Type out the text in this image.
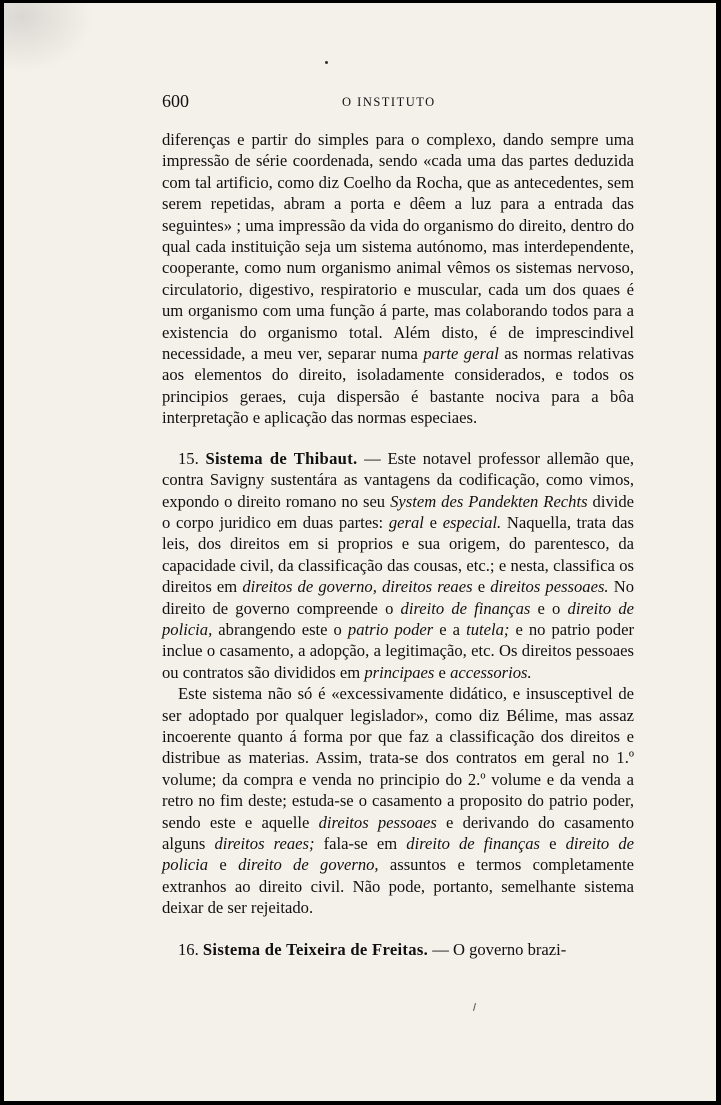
600	O INSTITUTO

diferenças e partir do simples para o complexo, dando sempre uma impressão de série coordenada, sendo «cada uma das partes deduzida com tal artificio, como diz Coelho da Rocha, que as antecedentes, sem serem repetidas, abram a porta e dêem a luz para a entrada das seguintes» ; uma impressão da vida do organismo do direito, dentro do qual cada instituição seja um sistema autónomo, mas interdependente, cooperante, como num organismo animal vêmos os sistemas nervoso, circulatorio, digestivo, respiratorio e muscular, cada um dos quaes é um organismo com uma função á parte, mas colaborando todos para a existencia do organismo total. Além disto, é de imprescindivel necessidade, a meu ver, separar numa parte geral as normas relativas aos elementos do direito, isoladamente considerados, e todos os principios geraes, cuja dispersão é bastante nociva para a bôa interpretação e aplicação das normas especiaes.

15. Sistema de Thibaut. — Este notavel professor allemão que, contra Savigny sustentára as vantagens da codificação, como vimos, expondo o direito romano no seu System des Pandekten Rechts divide o corpo juridico em duas partes: geral e especial. Naquella, trata das leis, dos direitos em si proprios e sua origem, do parentesco, da capacidade civil, da classificação das cousas, etc.; e nesta, classifica os direitos em direitos de governo, direitos reaes e direitos pessoaes. No direito de governo compreende o direito de finanças e o direito de policia, abrangendo este o patrio poder e a tutela; e no patrio poder inclue o casamento, a adopção, a legitimação, etc. Os direitos pessoaes ou contratos são divididos em principaes e accessorios.

Este sistema não só é «excessivamente didático, e insusceptivel de ser adoptado por qualquer legislador», como diz Bélime, mas assaz incoerente quanto á forma por que faz a classificação dos direitos e distribue as materias. Assim, trata-se dos contratos em geral no 1.º volume; da compra e venda no principio do 2.º volume e da venda a retro no fim deste; estuda-se o casamento a proposito do patrio poder, sendo este e aquelle direitos pessoaes e derivando do casamento alguns direitos reaes; fala-se em direito de finanças e direito de policia e direito de governo, assuntos e termos completamente extranhos ao direito civil. Não pode, portanto, semelhante sistema deixar de ser rejeitado.

16. Sistema de Teixeira de Freitas. — O governo brazi-
